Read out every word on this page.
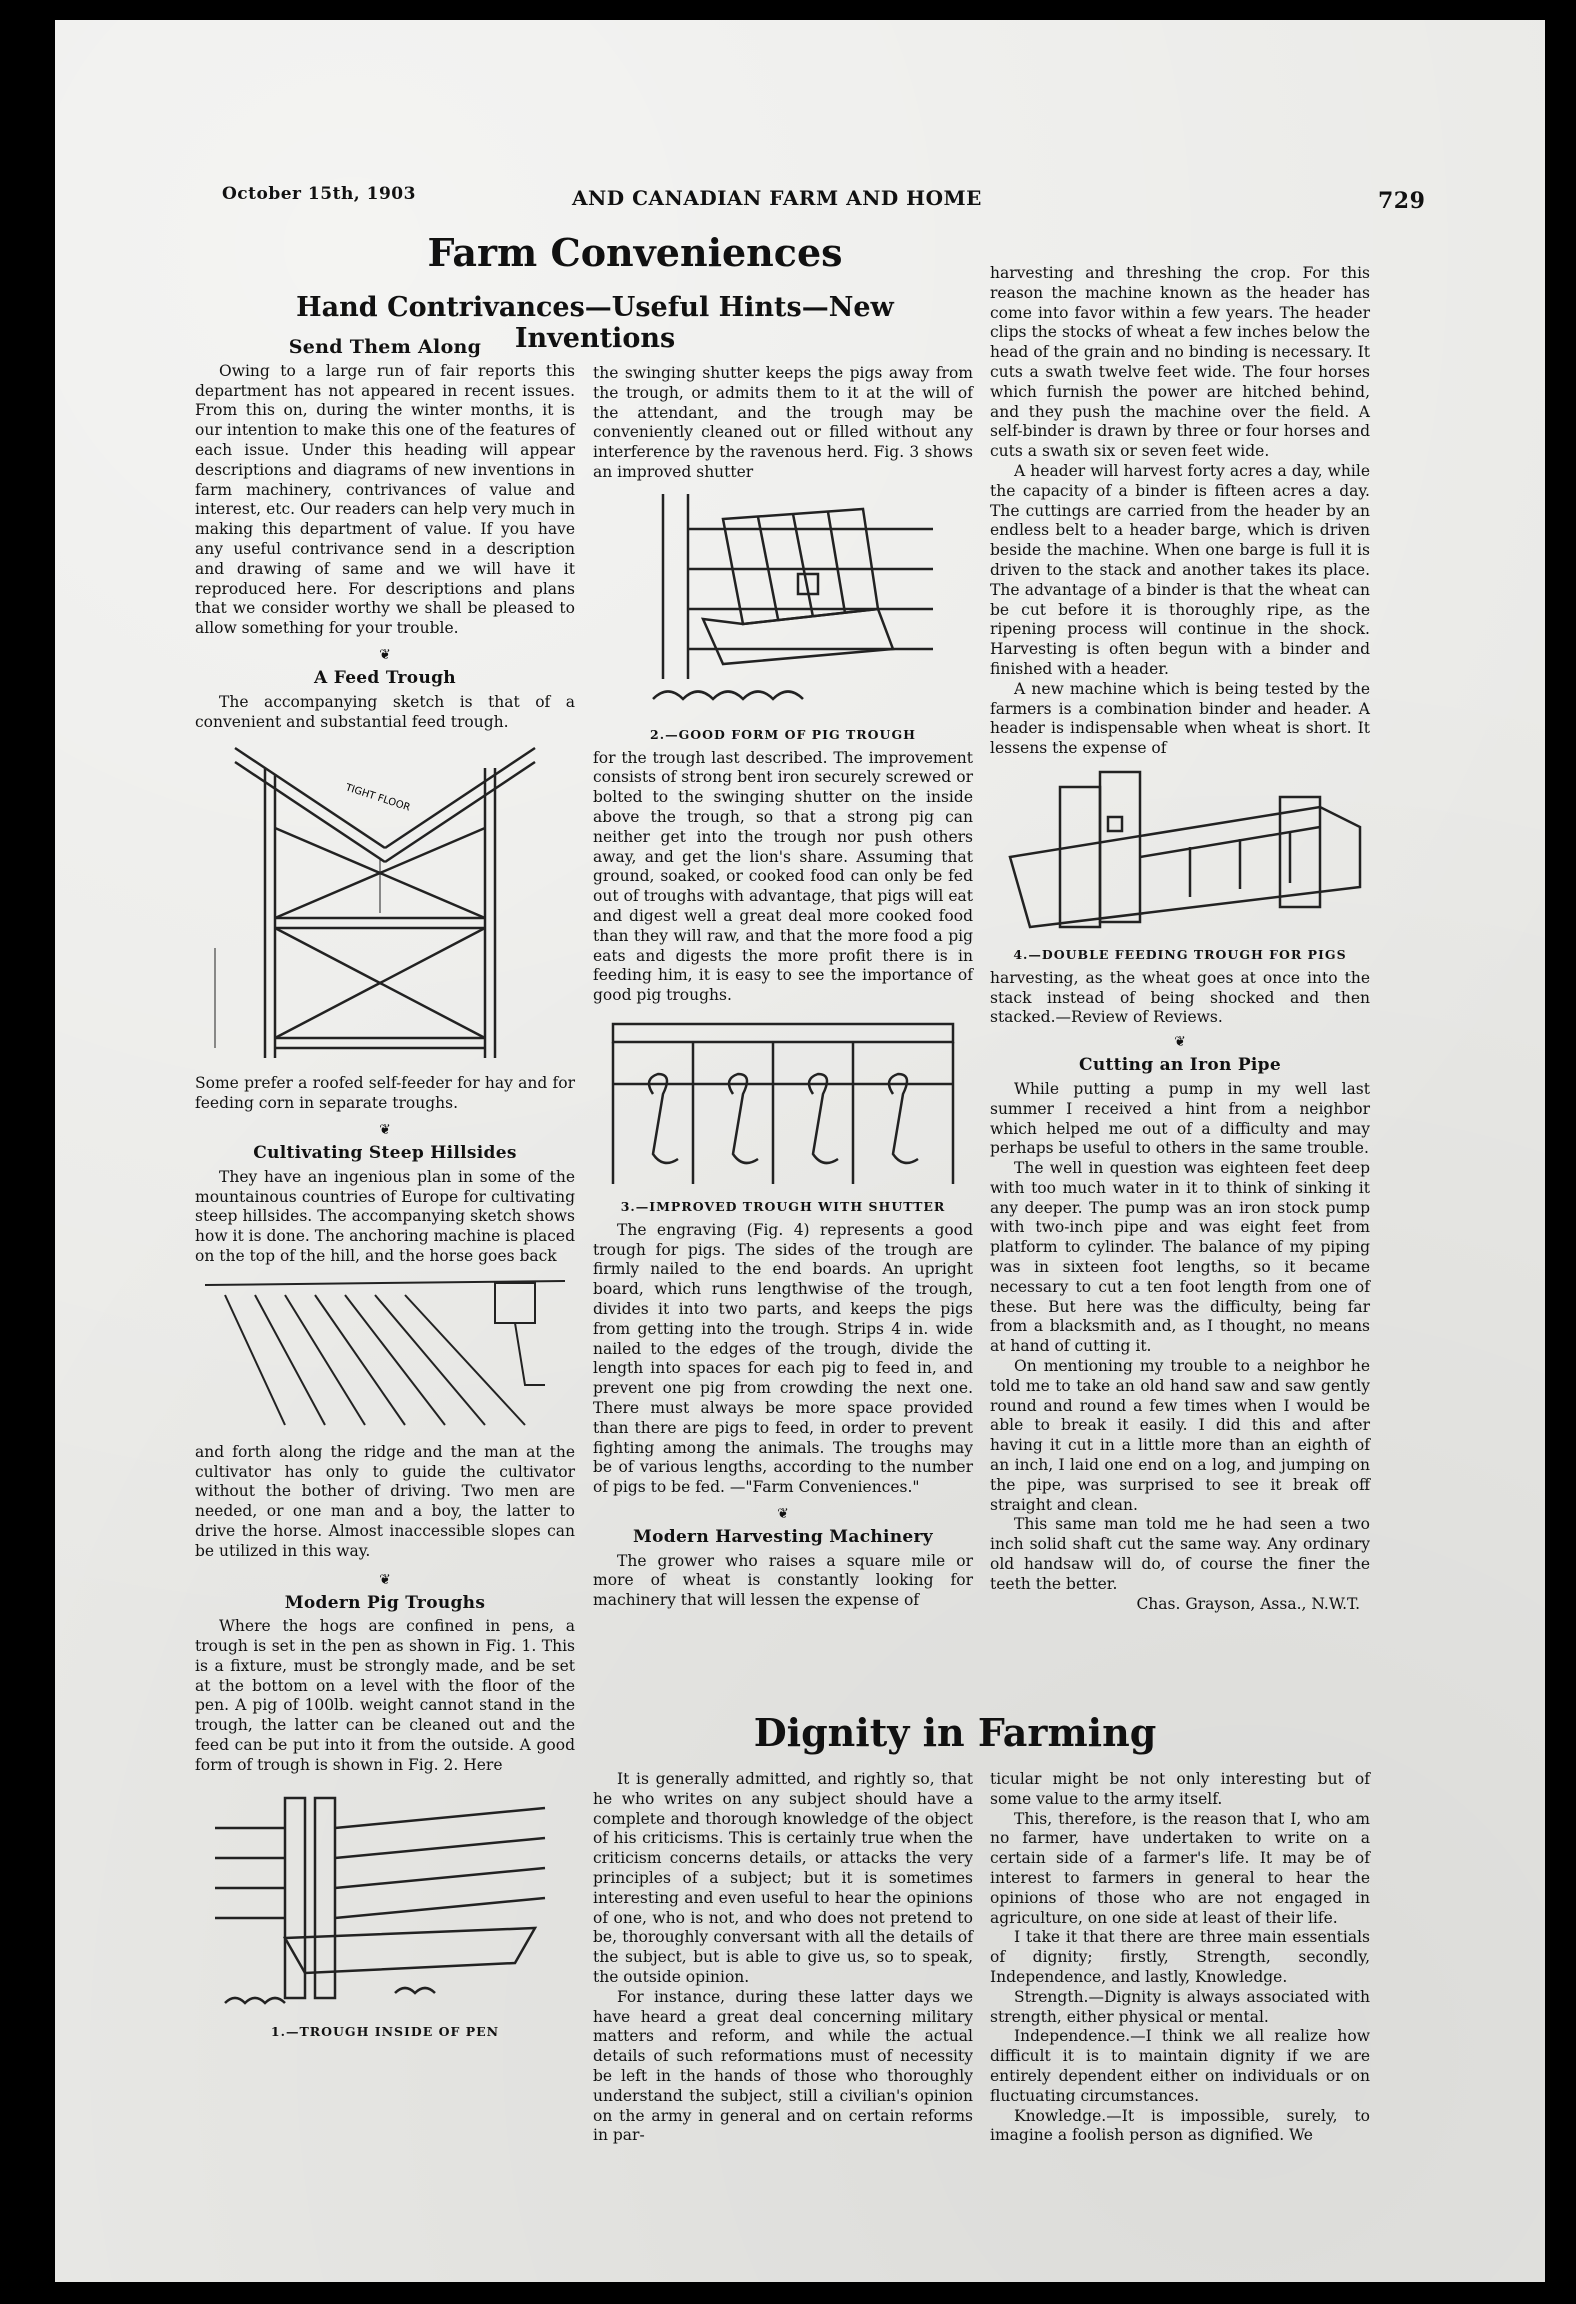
October 15th, 1903	AND CANADIAN FARM AND HOME	729
Farm Conveniences
Hand Contrivances—Useful Hints—New Inventions
Send Them Along

Owing to a large run of fair reports this department has not appeared in recent issues. From this on, during the winter months, it is our intention to make this one of the features of each issue. Under this heading will appear descriptions and diagrams of new inventions in farm machinery, contrivances of value and interest, etc. Our readers can help very much in making this department of value. If you have any useful contrivance send in a description and drawing of same and we will have it reproduced here. For descriptions and plans that we consider worthy we shall be pleased to allow something for your trouble.

❦
A Feed Trough

The accompanying sketch is that of a convenient and substantial feed trough.

TIGHT FLOOR

Some prefer a roofed self-feeder for hay and for feeding corn in separate troughs.

❦
Cultivating Steep Hillsides

They have an ingenious plan in some of the mountainous countries of Europe for cultivating steep hillsides. The accompanying sketch shows how it is done. The anchoring machine is placed on the top of the hill, and the horse goes back

and forth along the ridge and the man at the cultivator has only to guide the cultivator without the bother of driving. Two men are needed, or one man and a boy, the latter to drive the horse. Almost inaccessible slopes can be utilized in this way.

❦
Modern Pig Troughs

Where the hogs are confined in pens, a trough is set in the pen as shown in Fig. 1. This is a fixture, must be strongly made, and be set at the bottom on a level with the floor of the pen. A pig of 100lb. weight cannot stand in the trough, the latter can be cleaned out and the feed can be put into it from the outside. A good form of trough is shown in Fig. 2. Here

1.—TROUGH INSIDE OF PEN

the swinging shutter keeps the pigs away from the trough, or admits them to it at the will of the attendant, and the trough may be conveniently cleaned out or filled without any interference by the ravenous herd. Fig. 3 shows an improved shutter

2.—GOOD FORM OF PIG TROUGH

for the trough last described. The improvement consists of strong bent iron securely screwed or bolted to the swinging shutter on the inside above the trough, so that a strong pig can neither get into the trough nor push others away, and get the lion's share. Assuming that ground, soaked, or cooked food can only be fed out of troughs with advantage, that pigs will eat and digest well a great deal more cooked food than they will raw, and that the more food a pig eats and digests the more profit there is in feeding him, it is easy to see the importance of good pig troughs.

3.—IMPROVED TROUGH WITH SHUTTER

The engraving (Fig. 4) represents a good trough for pigs. The sides of the trough are firmly nailed to the end boards. An upright board, which runs lengthwise of the trough, divides it into two parts, and keeps the pigs from getting into the trough. Strips 4 in. wide nailed to the edges of the trough, divide the length into spaces for each pig to feed in, and prevent one pig from crowding the next one. There must always be more space provided than there are pigs to feed, in order to prevent fighting among the animals. The troughs may be of various lengths, according to the number of pigs to be fed. —"Farm Conveniences."

❦
Modern Harvesting Machinery

The grower who raises a square mile or more of wheat is constantly looking for machinery that will lessen the expense of

harvesting and threshing the crop. For this reason the machine known as the header has come into favor within a few years. The header clips the stocks of wheat a few inches below the head of the grain and no binding is necessary. It cuts a swath twelve feet wide. The four horses which furnish the power are hitched behind, and they push the machine over the field. A self-binder is drawn by three or four horses and cuts a swath six or seven feet wide.

A header will harvest forty acres a day, while the capacity of a binder is fifteen acres a day. The cuttings are carried from the header by an endless belt to a header barge, which is driven beside the machine. When one barge is full it is driven to the stack and another takes its place. The advantage of a binder is that the wheat can be cut before it is thoroughly ripe, as the ripening process will continue in the shock. Harvesting is often begun with a binder and finished with a header.

A new machine which is being tested by the farmers is a combination binder and header. A header is indispensable when wheat is short. It lessens the expense of

4.—DOUBLE FEEDING TROUGH FOR PIGS

harvesting, as the wheat goes at once into the stack instead of being shocked and then stacked.—Review of Reviews.

❦
Cutting an Iron Pipe

While putting a pump in my well last summer I received a hint from a neighbor which helped me out of a difficulty and may perhaps be useful to others in the same trouble.

The well in question was eighteen feet deep with too much water in it to think of sinking it any deeper. The pump was an iron stock pump with two-inch pipe and was eight feet from platform to cylinder. The balance of my piping was in sixteen foot lengths, so it became necessary to cut a ten foot length from one of these. But here was the difficulty, being far from a blacksmith and, as I thought, no means at hand of cutting it.

On mentioning my trouble to a neighbor he told me to take an old hand saw and saw gently round and round a few times when I would be able to break it easily. I did this and after having it cut in a little more than an eighth of an inch, I laid one end on a log, and jumping on the pipe, was surprised to see it break off straight and clean.

This same man told me he had seen a two inch solid shaft cut the same way. Any ordinary old handsaw will do, of course the finer the teeth the better.

Chas. Grayson, Assa., N.W.T.
Dignity in Farming

It is generally admitted, and rightly so, that he who writes on any subject should have a complete and thorough knowledge of the object of his criticisms. This is certainly true when the criticism concerns details, or attacks the very principles of a subject; but it is sometimes interesting and even useful to hear the opinions of one, who is not, and who does not pretend to be, thoroughly conversant with all the details of the subject, but is able to give us, so to speak, the outside opinion.

For instance, during these latter days we have heard a great deal concerning military matters and reform, and while the actual details of such reformations must of necessity be left in the hands of those who thoroughly understand the subject, still a civilian's opinion on the army in general and on certain reforms in par-

ticular might be not only interesting but of some value to the army itself.

This, therefore, is the reason that I, who am no farmer, have undertaken to write on a certain side of a farmer's life. It may be of interest to farmers in general to hear the opinions of those who are not engaged in agriculture, on one side at least of their life.

I take it that there are three main essentials of dignity; firstly, Strength, secondly, Independence, and lastly, Knowledge.

Strength.—Dignity is always associated with strength, either physical or mental.

Independence.—I think we all realize how difficult it is to maintain dignity if we are entirely dependent either on individuals or on fluctuating circumstances.

Knowledge.—It is impossible, surely, to imagine a foolish person as dignified. We
